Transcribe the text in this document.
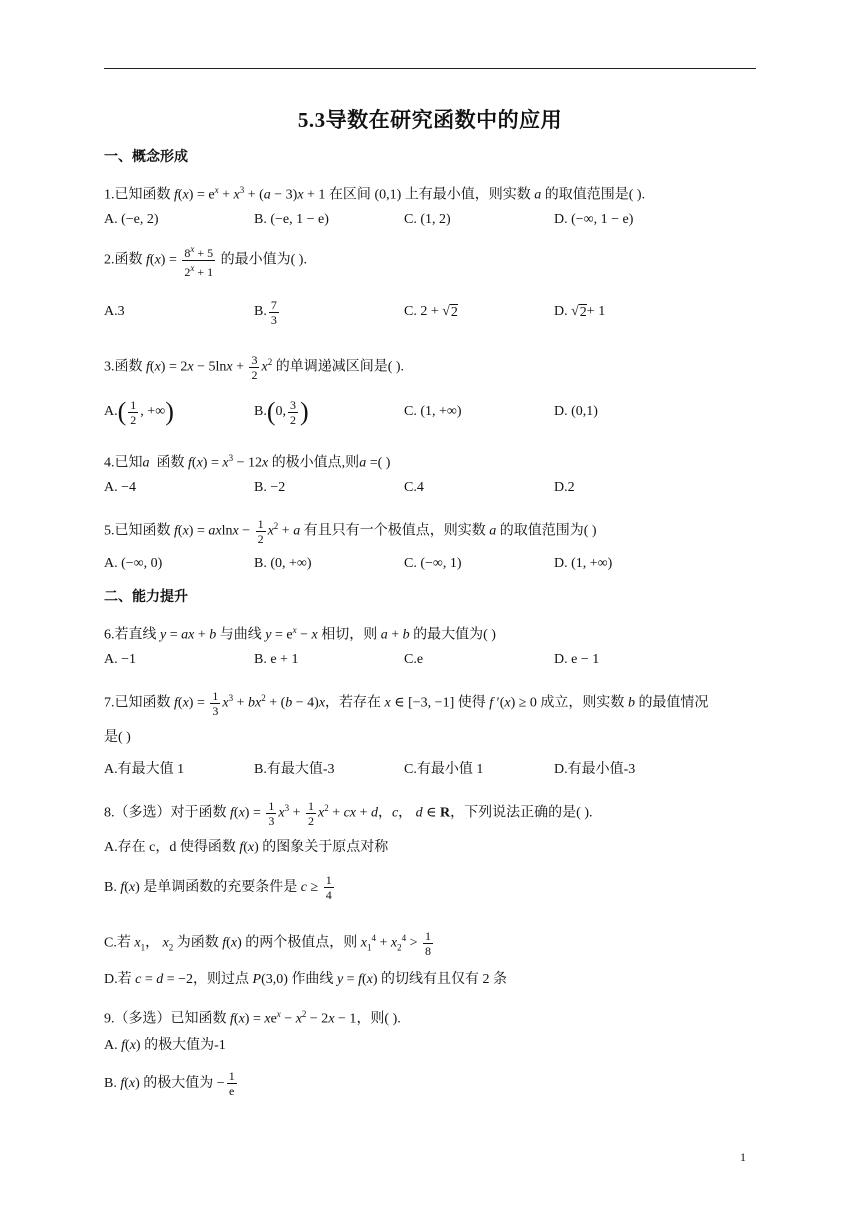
5.3导数在研究函数中的应用
一、概念形成
1.已知函数 $f(x) = e^x + x^3 + (a - 3)x + 1$ 在区间 (0,1) 上有最小值，则实数 a 的取值范围是( ).
A. (−e, 2)	B. (−e, 1 − e)	C. (1, 2)	D. (−∞, 1 − e)
2.函数 $f(x) = \frac{8^x + 5}{2^x + 1}$ 的最小值为( ).
A.3	B. 7
3
C. 2 + √ 2	D. √ 2 + 1
3.函数 $f(x) = 2x - 5\ln x + \frac{3}{2} x^2$ 的单调递减区间是( ).
A. ( 1
2
, +∞ )	B. ( 0, 3
2 )	C. (1, +∞)	D. (0,1)
4.已知a 函数 $f(x) = x^3 - 12x$ 的极小值点,则a =( )
A. −4	B. −2	C.4	D.2
5.已知函数 $f(x) = axlnx - \frac{1}{2} x^2 + a$ 有且只有一个极值点，则实数 a 的取值范围为( )
A. (−∞, 0)	B. (0, +∞)	C. (−∞, 1)	D. (1, +∞)
二、能力提升
6.若直线 y = ax + b 与曲线 $y = e^x - x$ 相切，则 a + b 的最大值为( )
A. −1	B. e + 1	C.e	D. e − 1
7.已知函数 $f(x) = \frac{1}{3} x^3 + bx^2 + (b - 4)x$，若存在 x ∈ [−3, −1] 使得 f ′(x) ≥ 0 成立，则实数 b 的最值情况
是( )
A.有最大值 1	B.有最大值-3	C.有最小值 1	D.有最小值-3
8.（多选）对于函数 $f(x) = \frac{1}{3} x^3 + \frac{1}{2} x^2$ + cx + d，c， d ∈ R，下列说法正确的是( ).
A.存在 c，d 使得函数 f(x) 的图象关于原点对称
B. f(x) 是单调函数的充要条件是 $c \ge \frac{1}{4}$
C.若 $x_1$， $x_2$ 为函数 f(x) 的两个极值点，则 $x_1^4 + x_2^4 > \frac{1}{8}$
D.若 c = d = −2，则过点 P(3,0) 作曲线 y = f(x) 的切线有且仅有 2 条
9.（多选）已知函数 $f(x) = xe^x - x^2 - 2x - 1$，则( ).
A. f(x) 的极大值为-1
B. f(x) 的极大值为 − $\frac{1}{e}$
1
